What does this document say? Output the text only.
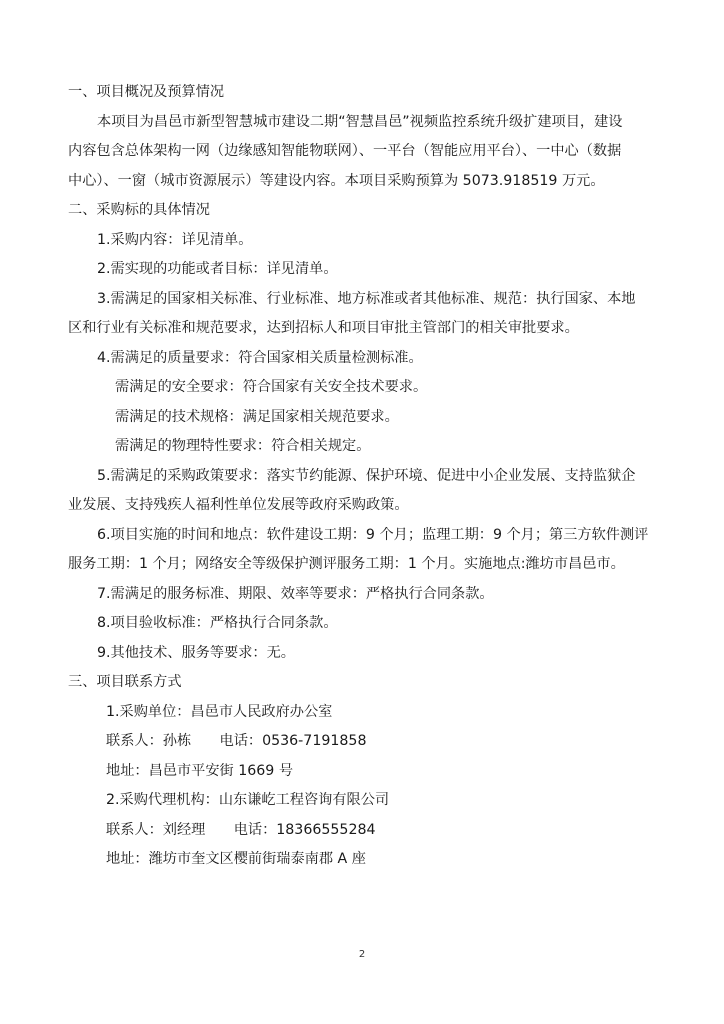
一、项目概况及预算情况

本项目为昌邑市新型智慧城市建设二期“智慧昌邑”视频监控系统升级扩建项目，建设

内容包含总体架构一网（边缘感知智能物联网）、一平台（智能应用平台）、一中心（数据

中心）、一窗（城市资源展示）等建设内容。本项目采购预算为 5073.918519 万元。

二、采购标的具体情况

1.采购内容：详见清单。

2.需实现的功能或者目标：详见清单。

3.需满足的国家相关标准、行业标准、地方标准或者其他标准、规范：执行国家、本地

区和行业有关标准和规范要求，达到招标人和项目审批主管部门的相关审批要求。

4.需满足的质量要求：符合国家相关质量检测标准。

需满足的安全要求：符合国家有关安全技术要求。

需满足的技术规格：满足国家相关规范要求。

需满足的物理特性要求：符合相关规定。

5.需满足的采购政策要求：落实节约能源、保护环境、促进中小企业发展、支持监狱企

业发展、支持残疾人福利性单位发展等政府采购政策。

6.项目实施的时间和地点：软件建设工期：9 个月；监理工期：9 个月；第三方软件测评

服务工期：1 个月；网络安全等级保护测评服务工期：1 个月。实施地点:潍坊市昌邑市。

7.需满足的服务标准、期限、效率等要求：严格执行合同条款。

8.项目验收标准：严格执行合同条款。

9.其他技术、服务等要求：无。

三、项目联系方式

1.采购单位：昌邑市人民政府办公室

联系人：孙栋　　电话：0536-7191858

地址：昌邑市平安街 1669 号

2.采购代理机构：山东谦屹工程咨询有限公司

联系人：刘经理　　电话：18366555284

地址：潍坊市奎文区樱前街瑞泰南郡 A 座

2
